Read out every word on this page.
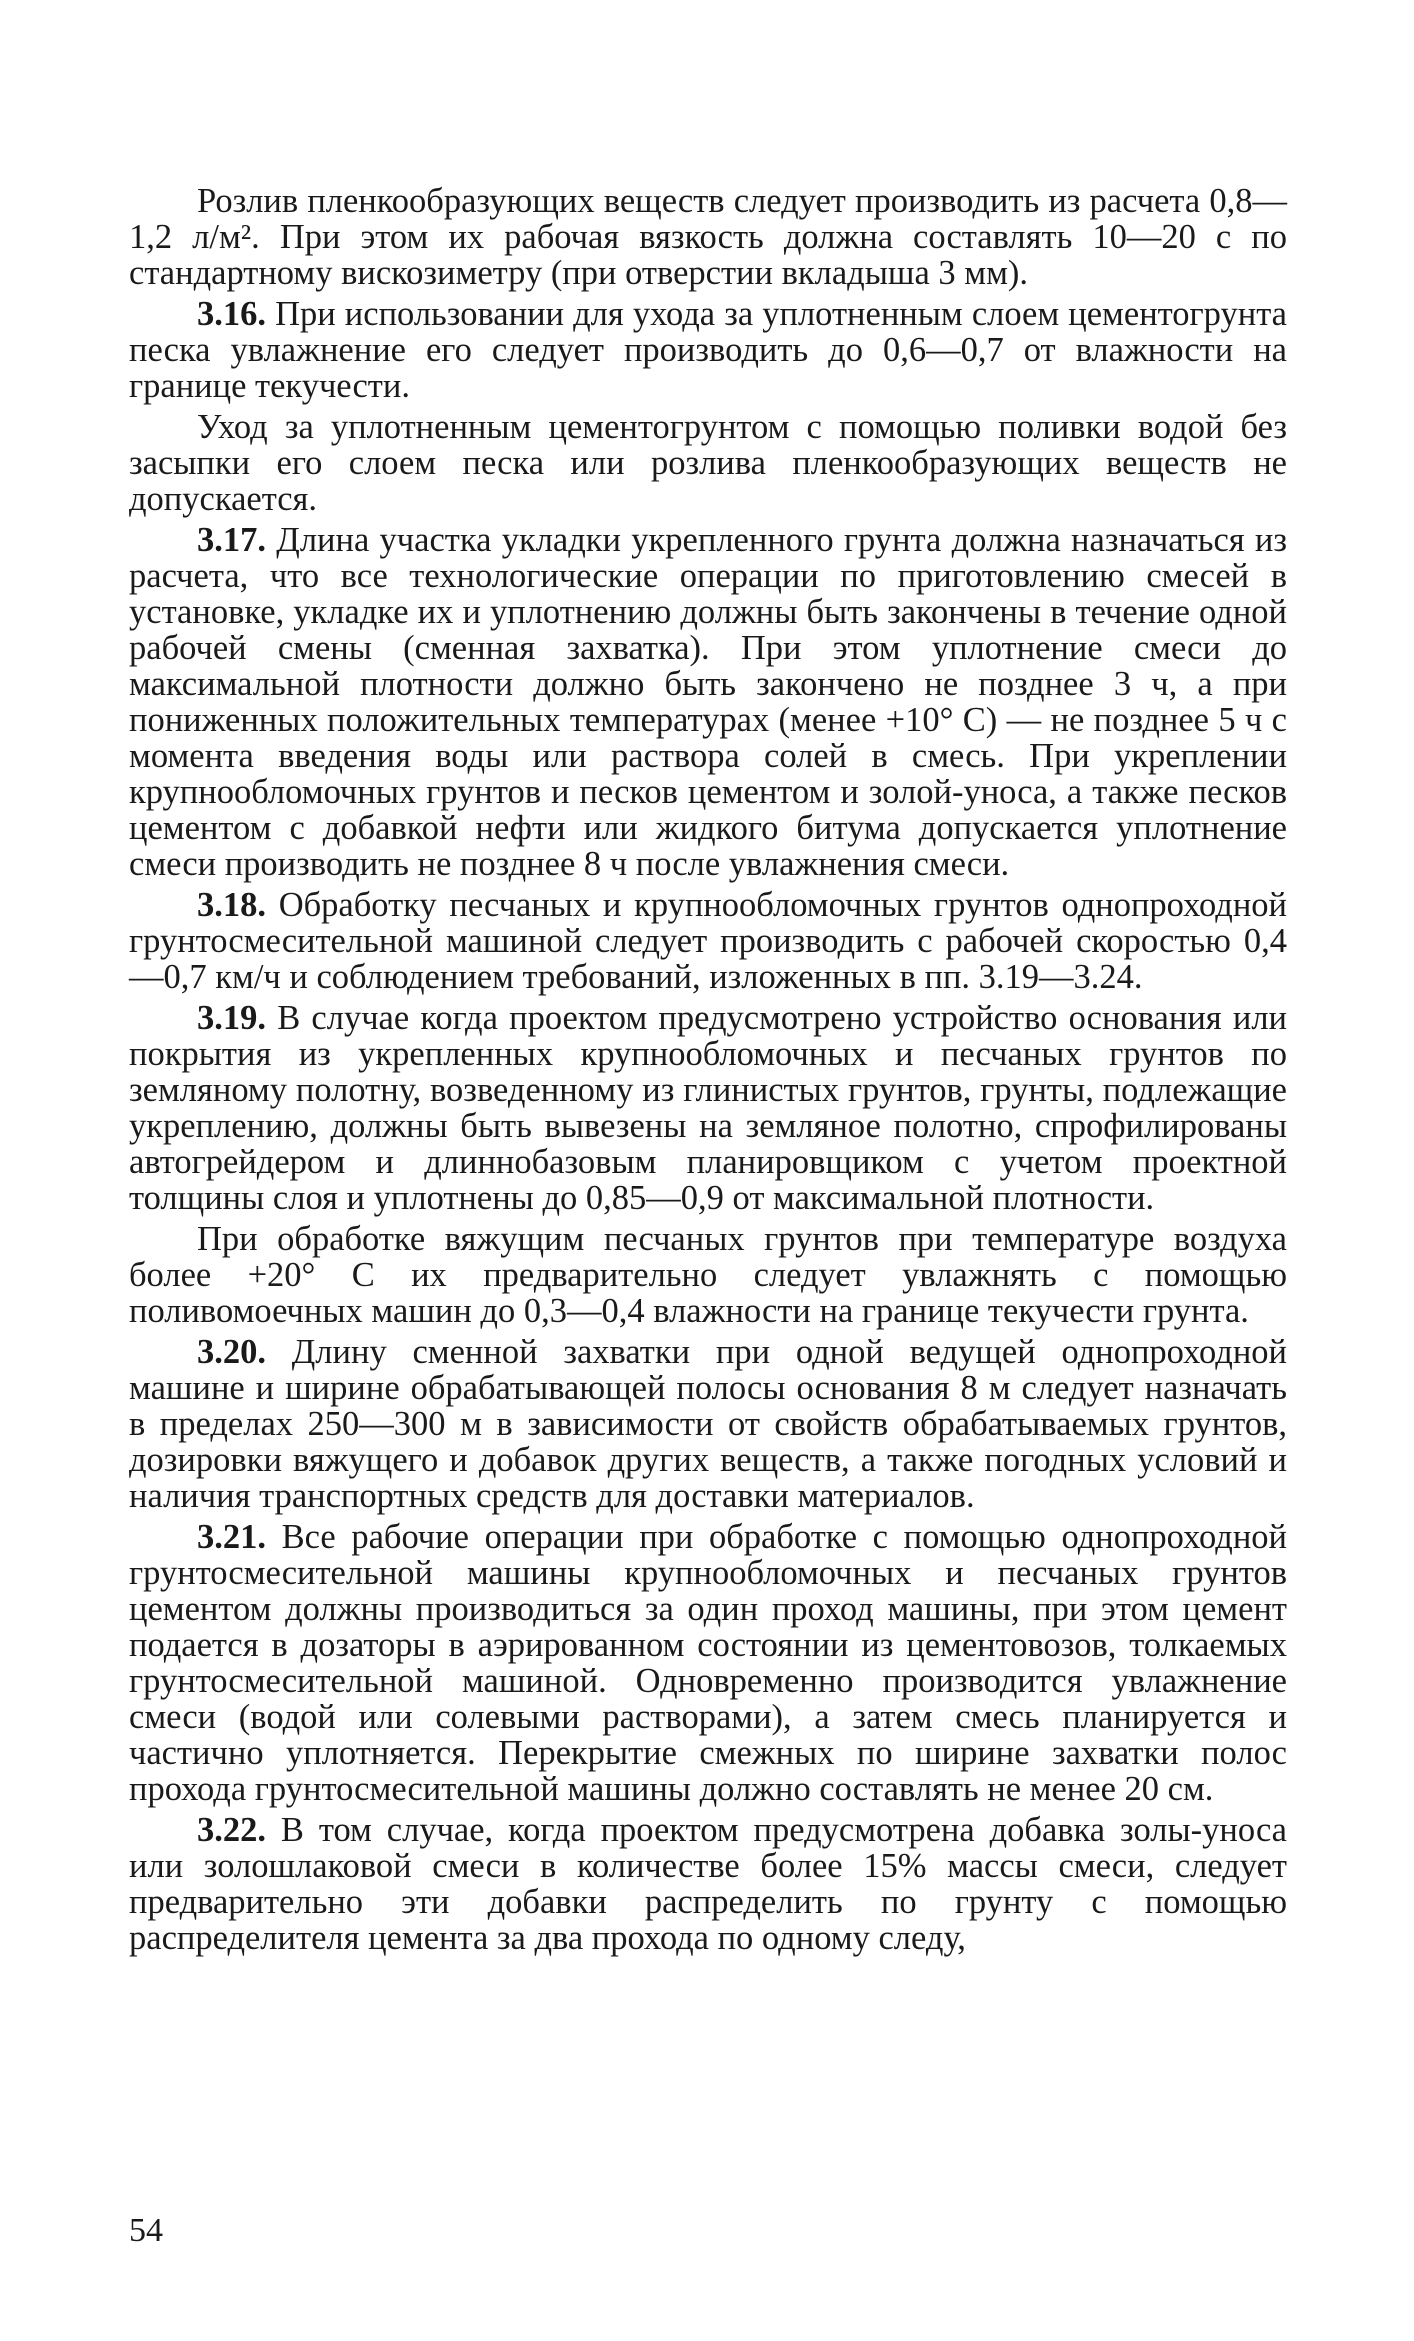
Розлив пленкообразующих веществ следует производить из расчета 0,8—1,2 л/м². При этом их рабочая вязкость должна составлять 10—20 с по стандартному вискозиметру (при отверстии вкладыша 3 мм).

3.16. При использовании для ухода за уплотненным слоем цементогрунта песка увлажнение его следует производить до 0,6—0,7 от влажности на границе текучести.

Уход за уплотненным цементогрунтом с помощью поливки водой без засыпки его слоем песка или розлива пленкообразующих веществ не допускается.

3.17. Длина участка укладки укрепленного грунта должна назначаться из расчета, что все технологические операции по приготовлению смесей в установке, укладке их и уплотнению должны быть закончены в течение одной рабочей смены (сменная захватка). При этом уплотнение смеси до максимальной плотности должно быть закончено не позднее 3 ч, а при пониженных положительных температурах (менее +10° С) — не позднее 5 ч с момента введения воды или раствора солей в смесь. При укреплении крупнообломочных грунтов и песков цементом и золой-уноса, а также песков цементом с добавкой нефти или жидкого битума допускается уплотнение смеси производить не позднее 8 ч после увлажнения смеси.

3.18. Обработку песчаных и крупнообломочных грунтов однопроходной грунтосмесительной машиной следует производить с рабочей скоростью 0,4—0,7 км/ч и соблюдением требований, изложенных в пп. 3.19—3.24.

3.19. В случае когда проектом предусмотрено устройство основания или покрытия из укрепленных крупнообломочных и песчаных грунтов по земляному полотну, возведенному из глинистых грунтов, грунты, подлежащие укреплению, должны быть вывезены на земляное полотно, спрофилированы автогрейдером и длиннобазовым планировщиком с учетом проектной толщины слоя и уплотнены до 0,85—0,9 от максимальной плотности.

При обработке вяжущим песчаных грунтов при температуре воздуха более +20° С их предварительно следует увлажнять с помощью поливомоечных машин до 0,3—0,4 влажности на границе текучести грунта.

3.20. Длину сменной захватки при одной ведущей однопроходной машине и ширине обрабатывающей полосы основания 8 м следует назначать в пределах 250—300 м в зависимости от свойств обрабатываемых грунтов, дозировки вяжущего и добавок других веществ, а также погодных условий и наличия транспортных средств для доставки материалов.

3.21. Все рабочие операции при обработке с помощью однопроходной грунтосмесительной машины крупнообломочных и песчаных грунтов цементом должны производиться за один проход машины, при этом цемент подается в дозаторы в аэрированном состоянии из цементовозов, толкаемых грунтосмесительной машиной. Одновременно производится увлажнение смеси (водой или солевыми растворами), а затем смесь планируется и частично уплотняется. Перекрытие смежных по ширине захватки полос прохода грунтосмесительной машины должно составлять не менее 20 см.

3.22. В том случае, когда проектом предусмотрена добавка золы-уноса или золошлаковой смеси в количестве более 15% массы смеси, следует предварительно эти добавки распределить по грунту с помощью распределителя цемента за два прохода по одному следу,

54
